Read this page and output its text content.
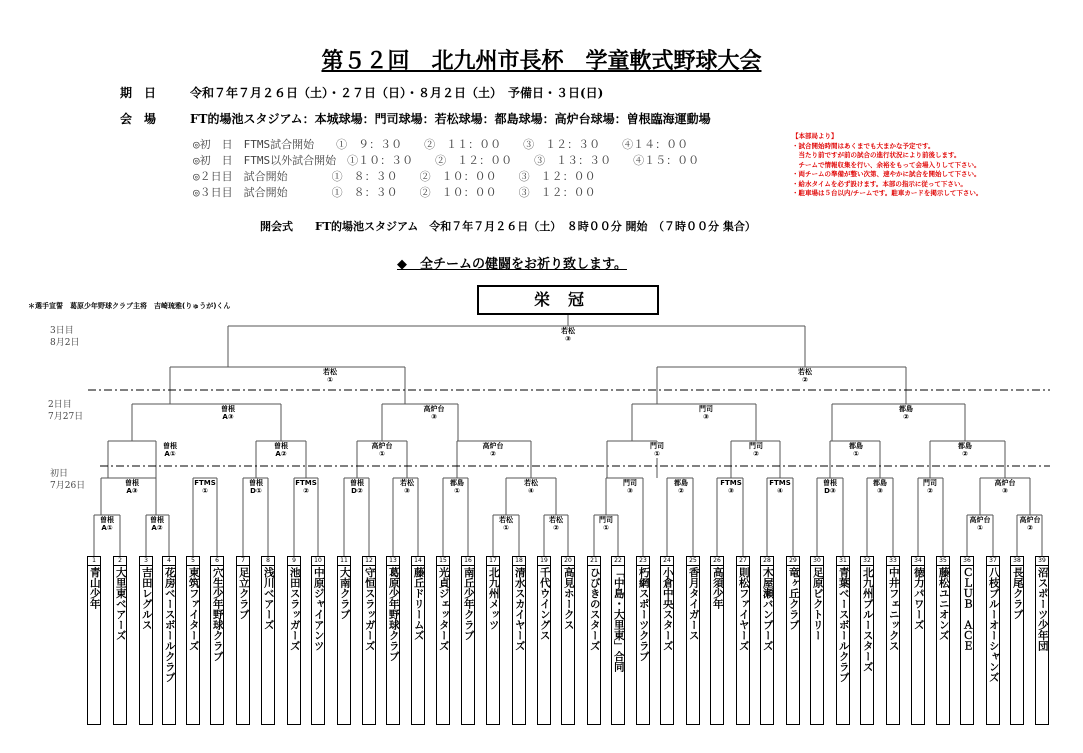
第５２回　北九州市長杯　学童軟式野球大会
期　日	令和７年７月２６日（土）・２７日（日）・８月２日（土）　予備日・３日(日)
会　場	FT的場池スタジアム：本城球場：門司球場：若松球場：都島球場：高炉台球場：曽根臨海運動場
◎初　日　FTMS試合開始　　①　９：３０　　②　１１：００　　③　１２：３０　　④１４：００
◎初　日　FTMS以外試合開始　①１０：３０　　②　１２：００　　③　１３：３０　　④１５：００
◎２日目　試合開始　　　　①　８：３０　　②　１０：００　　③　１２：００
◎３日目　試合開始　　　　①　８：３０　　②　１０：００　　③　１２：００
【本部局より】
・試合開始時間はあくまでも大まかな予定です。
　当たり前ですが前の試合の進行状況により前後します。
　チームで情報収集を行い、余裕をもって会場入りして下さい。
・両チームの準備が整い次第、速やかに試合を開始して下さい。
・給水タイムを必ず設けます。本部の指示に従って下さい。
・駐車場は５台以内/チームです。駐車カードを掲示して下さい。
開会式　　FT的場池スタジアム　令和７年７月２６日（土）　８時００分 開始　（７時００分 集合）
◆　全チームの健闘をお祈り致します。
＊選手宣誓　葛原少年野球クラブ主将　吉崎琉雅(りゅうが)くん	栄冠
3日目
8月2日
2日目
7月27日
初日
7月26日
1
青山少年
2
大里東ベアーズ
3
吉田レグルス
4
花房ベースボールクラブ
5
東筑ファイターズ
6
穴生少年野球クラブ
7
足立クラブ
8
浅川ベアーズ
9
池田スラッガーズ
10
中原ジャイアンツ
11
大南クラブ
12
守恒スラッガーズ
13
葛原少年野球クラブ
14
藤丘ドリームズ
15
光貞ジェッターズ
16
南丘少年クラブ
17
北九州メッツ
18
清水スカイヤーズ
19
千代ウイングス
20
高見ホークス
21
ひびきのスターズ
22
「中島・大里東」合同
23
朽網スポーツクラブ
24
小倉中央スターズ
25
香月タイガース
26
高須少年
27
則松ファイヤーズ
28
木屋瀬バンブーズ
29
竜ヶ丘クラブ
30
足原ビクトリー
31
青葉ベースボールクラブ
32
北九州ブルースターズ
33
中井フェニックス
34
徳力パワーズ
35
藤松ユニオンズ
36
ＣＬＵＢ　ＡＣＥ
37
八枝ブルーオーシャンズ
38
長尾クラブ
39
沼スポーツ少年団
若松
③
若松
①
若松
②
曽根
A③
高炉台
③
門司
③
都島
②
曽根
A①
曽根
A②
高炉台
①
高炉台
②
門司
①
門司
②
都島
①
都島
②
曽根
A③
FTMS
①
曽根
D①
FTMS
②
曽根
D②
若松
③
都島
①
若松
④
門司
③
都島
②
FTMS
③
FTMS
④
曽根
D③
都島
③
門司
②
高炉台
③
曽根
A①
曽根
A②
若松
①
若松
②
門司
①
高炉台
①
高炉台
②
